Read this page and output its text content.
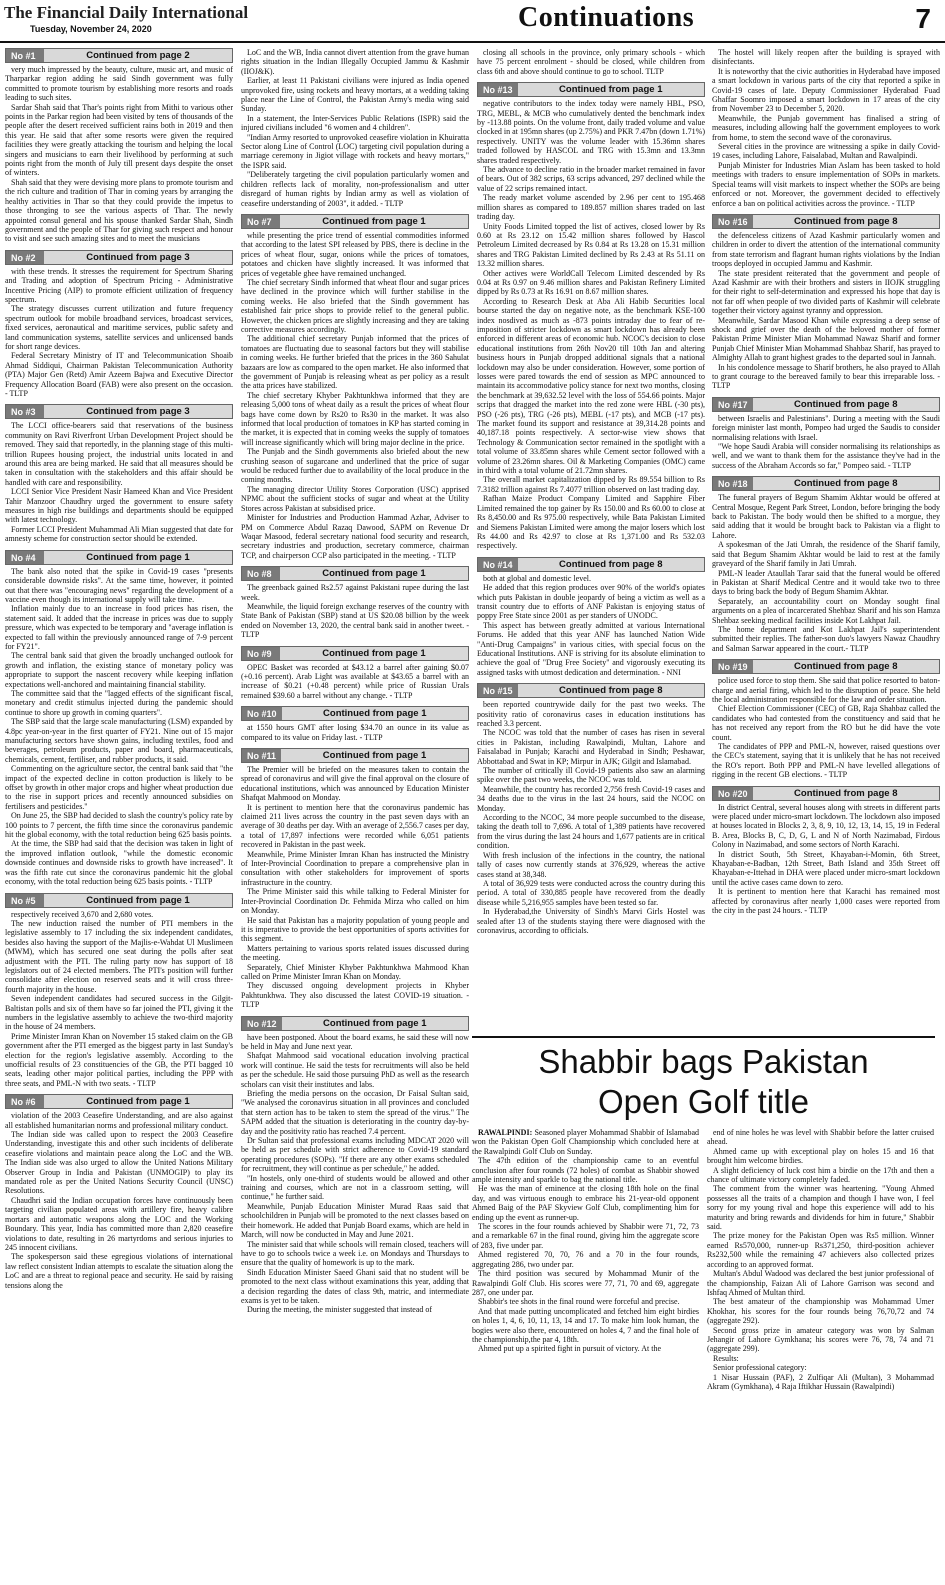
The Financial Daily International
Tuesday, November 24, 2020	Continuations	7
No #1	Continued from page 2

very much impressed by the beauty, culture, music art, and music of Tharparkar region adding he said Sindh government was fully committed to promote tourism by establishing more resorts and roads leading to such sites.

Sardar Shah said that Thar's points right from Mithi to various other points in the Parkar region had been visited by tens of thousands of the people after the desert received sufficient rains both in 2019 and then this year. He said that after some resorts were given the required facilities they were greatly attacking the tourism and helping the local singers and musicians to earn their livelihood by performing at such points right from the month of July till present days despite the onset of winters.

Shah said that they were devising more plans to promote tourism and the rich culture and tradition of Thar in coming years by arranging the healthy activities in Thar so that they could provide the impetus to those thronging to see the various aspects of Thar. The newly appointed consul general and his spouse thanked Sardar Shah, Sindh government and the people of Thar for giving such respect and honour to visit and see such amazing sites and to meet the musicians

No #2	Continued from page 3

with these trends. It stresses the requirement for Spectrum Sharing and Trading and adoption of Spectrum Pricing - Administrative Incentive Pricing (AIP) to promote efficient utilization of frequency spectrum.

The strategy discusses current utilization and future frequency spectrum outlook for mobile broadband services, broadcast services, fixed services, aeronautical and maritime services, public safety and land communication systems, satellite services and unlicensed bands for short range devices.

Federal Secretary Ministry of IT and Telecommunication Shoaib Ahmad Siddiqui, Chairman Pakistan Telecommunication Authority (PTA) Major Gen (Retd) Amir Azeem Bajwa and Executive Director Frequency Allocation Board (FAB) were also present on the occasion. - TLTP

No #3	Continued from page 3

The LCCI office-bearers said that reservations of the business community on Ravi Riverfront Urban Development Project should be removed. They said that reportedly, in the planning stage of this multi-trillion Rupees housing project, the industrial units located in and around this area are being marked. He said that all measures should be taken in consultation with the stakeholders and this affair should be handled with care and responsibility.

LCCI Senior Vice President Nasir Hameed Khan and Vice President Tahir Manzoor Chaudhry urged the government to ensure safety measures in high rise buildings and departments should be equipped with latest technology.

Former LCCI President Muhammad Ali Mian suggested that date for amnesty scheme for construction sector should be extended.

No #4	Continued from page 1

The bank also noted that the spike in Covid-19 cases "presents considerable downside risks". At the same time, however, it pointed out that there was "encouraging news" regarding the development of a vaccine even though its international supply will take time.

Inflation mainly due to an increase in food prices has risen, the statement said. It added that the increase in prices was due to supply pressure, which was expected to be temporary and "average inflation is expected to fall within the previously announced range of 7-9 percent for FY21".

The central bank said that given the broadly unchanged outlook for growth and inflation, the existing stance of monetary policy was appropriate to support the nascent recovery while keeping inflation expectations well-anchored and maintaining financial stability.

The committee said that the "lagged effects of the significant fiscal, monetary and credit stimulus injected during the pandemic should continue to shore up growth in coming quarters".

The SBP said that the large scale manufacturing (LSM) expanded by 4.8pc year-on-year in the first quarter of FY21. Nine out of 15 major manufacturing sectors have shown gains, including textiles, food and beverages, petroleum products, paper and board, pharmaceuticals, chemicals, cement, fertiliser, and rubber products, it said.

Commenting on the agriculture sector, the central bank said that "the impact of the expected decline in cotton production is likely to be offset by growth in other major crops and higher wheat production due to the rise in support prices and recently announced subsidies on fertilisers and pesticides."

On June 25, the SBP had decided to slash the country's policy rate by 100 points to 7 percent, the fifth time since the coronavirus pandemic hit the global economy, with the total reduction being 625 basis points.

At the time, the SBP had said that the decision was taken in light of the improved inflation outlook, "while the domestic economic downside continues and downside risks to growth have increased". It was the fifth rate cut since the coronavirus pandemic hit the global economy, with the total reduction being 625 basis points. - TLTP

No #5	Continued from page 1

respectively received 3,670 and 2,680 votes.

The new induction raised the number of PTI members in the legislative assembly to 17 including the six independent candidates, besides also having the support of the Majlis-e-Wahdat Ul Muslimeen (MWM), which has secured one seat during the polls after seat adjustment with the PTI. The ruling party now has support of 18 legislators out of 24 elected members. The PTI's position will further consolidate after election on reserved seats and it will cross three-fourth majority in the house.

Seven independent candidates had secured success in the Gilgit-Baltistan polls and six of them have so far joined the PTI, giving it the numbers in the legislative assembly to achieve the two-third majority in the house of 24 members.

Prime Minister Imran Khan on November 15 staked claim on the GB government after the PTI emerged as the biggest party in last Sunday's election for the region's legislative assembly. According to the unofficial results of 23 constituencies of the GB, the PTI bagged 10 seats, leading other major political parties, including the PPP with three seats, and PML-N with two seats. - TLTP

No #6	Continued from page 1

violation of the 2003 Ceasefire Understanding, and are also against all established humanitarian norms and professional military conduct.

The Indian side was called upon to respect the 2003 Ceasefire Understanding, investigate this and other such incidents of deliberate ceasefire violations and maintain peace along the LoC and the WB. The Indian side was also urged to allow the United Nations Military Observer Group in India and Pakistan (UNMOGIP) to play its mandated role as per the United Nations Security Council (UNSC) Resolutions.

Chaudhri said the Indian occupation forces have continuously been targeting civilian populated areas with artillery fire, heavy calibre mortars and automatic weapons along the LOC and the Working Boundary. This year, India has committed more than 2,820 ceasefire violations to date, resulting in 26 martyrdoms and serious injuries to 245 innocent civilians.

The spokesperson said these egregious violations of international law reflect consistent Indian attempts to escalate the situation along the LoC and are a threat to regional peace and security. He said by raising tensions along the

LoC and the WB, India cannot divert attention from the grave human rights situation in the Indian Illegally Occupied Jammu & Kashmir (IIOJ&K).

Earlier, at least 11 Pakistani civilians were injured as India opened unprovoked fire, using rockets and heavy mortars, at a wedding taking place near the Line of Control, the Pakistan Army's media wing said Sunday.

In a statement, the Inter-Services Public Relations (ISPR) said the injured civilians included "6 women and 4 children".

"Indian Army resorted to unprovoked ceasefire violation in Khuiratta Sector along Line of Control (LOC) targeting civil population during a marriage ceremony in Jigiot village with rockets and heavy mortars," the ISPR said.

"Deliberately targeting the civil population particularly women and children reflects lack of morality, non-professionalism and utter disregard of human rights by Indian army as well as violation of ceasefire understanding of 2003", it added. - TLTP

No #7	Continued from page 1

while presenting the price trend of essential commodities informed that according to the latest SPI released by PBS, there is decline in the prices of wheat flour, sugar, onions while the prices of tomatoes, potatoes and chicken have slightly increased. It was informed that prices of vegetable ghee have remained unchanged.

The chief secretary Sindh informed that wheat flour and sugar prices have declined in the province which will further stabilise in the coming weeks. He also briefed that the Sindh government has established fair price shops to provide relief to the general public. However, the chicken prices are slightly increasing and they are taking corrective measures accordingly.

The additional chief secretary Punjab informed that the prices of tomatoes are fluctuating due to seasonal factors but they will stabilise in coming weeks. He further briefed that the prices in the 360 Sahulat bazaars are low as compared to the open market. He also informed that the government of Punjab is releasing wheat as per policy as a result the atta prices have stabilized.

The chief secretary Khyber Pakhtunkhwa informed that they are releasing 5,000 tons of wheat daily as a result the prices of wheat flour bags have come down by Rs20 to Rs30 in the market. It was also informed that local production of tomatoes in KP has started coming in the market, it is expected that in coming weeks the supply of tomatoes will increase significantly which will bring major decline in the price.

The Punjab and the Sindh governments also briefed about the new crushing season of sugarcane and underlined that the price of sugar would be reduced further due to availability of the local produce in the coming months.

The managing director Utility Stores Corporation (USC) apprised NPMC about the sufficient stocks of sugar and wheat at the Utility Stores across Pakistan at subsidised price.

Minister for Industries and Production Hammad Azhar, Adviser to PM on Commerce Abdul Razaq Dawood, SAPM on Revenue Dr Waqar Masood, federal secretary national food security and research, secretary industries and production, secretary commerce, chairman TCP, and chairperson CCP also participated in the meeting. - TLTP

No #8	Continued from page 1

The greenback gained Rs2.57 against Pakistani rupee during the last week.

Meanwhile, the liquid foreign exchange reserves of the country with State Bank of Pakistan (SBP) stand at US $20.08 billion by the week ended on November 13, 2020, the central bank said in another tweet. - TLTP

No #9	Continued from page 1

OPEC Basket was recorded at $43.12 a barrel after gaining $0.07 (+0.16 percent). Arab Light was available at $43.65 a barrel with an increase of $0.21 (+0.48 percent) while price of Russian Urals remained $39.60 a barrel without any change. - TLTP

No #10	Continued from page 1

at 1550 hours GMT after losing $34.70 an ounce in its value as compared to its value on Friday last. - TLTP

No #11	Continued from page 1

The Premier will be briefed on the measures taken to contain the spread of coronavirus and will give the final approval on the closure of educational institutions, which was announced by Education Minister Shafqat Mahmood on Monday.

It is pertinent to mention here that the coronavirus pandemic has claimed 211 lives across the country in the past seven days with an average of 30 deaths per day. With an average of 2,556.7 cases per day, a total of 17,897 infections were recorded while 6,051 patients recovered in Pakistan in the past week.

Meanwhile, Prime Minister Imran Khan has instructed the Ministry of Inter-Provincial Coordination to prepare a comprehensive plan in consultation with other stakeholders for improvement of sports infrastructure in the country.

The Prime Minister said this while talking to Federal Minister for Inter-Provincial Coordination Dr. Fehmida Mirza who called on him on Monday.

He said that Pakistan has a majority population of young people and it is imperative to provide the best opportunities of sports activities for this segment.

Matters pertaining to various sports related issues discussed during the meeting.

Separately, Chief Minister Khyber Pakhtunkhwa Mahmood Khan called on Prime Minister Imran Khan on Monday.

They discussed ongoing development projects in Khyber Pakhtunkhwa. They also discussed the latest COVID-19 situation. - TLTP

No #12	Continued from page 1

have been postponed. About the board exams, he said these will now be held in May and June next year.

Shafqat Mahmood said vocational education involving practical work will continue. He said the tests for recruitments will also be held as per the schedule. He said those pursuing PhD as well as the research scholars can visit their institutes and labs.

Briefing the media persons on the occasion, Dr Faisal Sultan said, "We analysed the coronavirus situation in all provinces and concluded that stern action has to be taken to stem the spread of the virus." The SAPM added that the situation is deteriorating in the country day-by-day and the positivity ratio has reached 7.4 percent.

Dr Sultan said that professional exams including MDCAT 2020 will be held as per schedule with strict adherence to Covid-19 standard operating procedures (SOPs). "If there are any other exams scheduled for recruitment, they will continue as per schedule," he added.

"In hostels, only one-third of students would be allowed and other training and courses, which are not in a classroom setting, will continue," he further said.

Meanwhile, Punjab Education Minister Murad Raas said that schoolchildren in Punjab will be promoted to the next classes based on their homework. He added that Punjab Board exams, which are held in March, will now be conducted in May and June 2021.

The minister said that while schools will remain closed, teachers will have to go to schools twice a week i.e. on Mondays and Thursdays to ensure that the quality of homework is up to the mark.

Sindh Education Minister Saeed Ghani said that no student will be promoted to the next class without examinations this year, adding that a decision regarding the dates of class 9th, matric, and intermediate exams is yet to be taken.

During the meeting, the minister suggested that instead of

closing all schools in the province, only primary schools - which have 75 percent enrolment - should be closed, while children from class 6th and above should continue to go to school. TLTP

No #13	Continued from page 1

negative contributors to the index today were namely HBL, PSO, TRG, MEBL, & MCB who cumulatively dented the benchmark index by -113.88 points. On the volume front, daily traded volume and value clocked in at 195mn shares (up 2.75%) and PKR 7.47bn (down 1.71%) respectively. UNITY was the volume leader with 15.36mn shares traded followed by HASCOL and TRG with 15.3mn and 13.3mn shares traded respectively.

The advance to decline ratio in the broader market remained in favor of bears. Out of 382 scrips, 63 scrips advanced, 297 declined while the value of 22 scrips remained intact.

The ready market volume ascended by 2.96 per cent to 195.468 million shares as compared to 189.857 million shares traded on last trading day.

Unity Foods Limited topped the list of actives, closed lower by Rs 0.60 at Rs 23.12 on 15.42 million shares followed by Hascol Petroleum Limited decreased by Rs 0.84 at Rs 13.28 on 15.31 million shares and TRG Pakistan Limited declined by Rs 2.43 at Rs 51.11 on 13.32 million shares.

Other actives were WorldCall Telecom Limited descended by Rs 0.04 at Rs 0.97 on 9.46 million shares and Pakistan Refinery Limited dipped by Rs 0.73 at Rs 16.91 on 8.67 million shares.

According to Research Desk at Aba Ali Habib Securities local bourse started the day on negative note, as the benchmark KSE-100 index nosdived as much as -873 points intraday due to fear of re-imposition of stricter lockdown as smart lockdown has already been enforced in different areas of economic hub. NCOC's decision to close educational institutions from 26th Nov20 till 10th Jan and altering business hours in Punjab dropped additional signals that a national lockdown may also be under consideration. However, some portion of losses were pared towards the end of session as MPC announced to maintain its accommodative policy stance for next two months, closing the benchmark at 39,632.52 level with the loss of 554.66 points. Major scrips that dragged the market into the red zone were HBL (-30 pts), PSO (-26 pts), TRG (-26 pts), MEBL (-17 pts), and MCB (-17 pts). The market found its support and resistance at 39,314.28 points and 40,187.18 points respectively. A sector-wise view shows that Technology & Communication sector remained in the spotlight with a total volume of 33.85mn shares while Cement sector followed with a volume of 23.26mn shares. Oil & Marketing Companies (OMC) came in third with a total volume of 21.72mn shares.

The overall market capitalization dipped by Rs 89.554 billion to Rs 7.3182 trillion against Rs 7.4077 trillion observed on last trading day.

Rafhan Maize Product Company Limited and Sapphire Fiber Limited remained the top gainer by Rs 150.00 and Rs 60.00 to close at Rs 8,450.00 and Rs 975.00 respectively, while Bata Pakistan Limited and Siemens Pakistan Limited were among the major losers which lost Rs 44.00 and Rs 42.97 to close at Rs 1,371.00 and Rs 532.03 respectively.

No #14	Continued from page 8

both at global and domestic level.

He added that this region produces over 90% of the world's opiates which puts Pakistan in double jeopardy of being a victim as well as a transit country due to efforts of ANF Pakistan is enjoying status of poppy Free State since 2001 as per standers of UNODC.

This aspect has between greatly admitted at various International Forums. He added that this year ANF has launched Nation Wide "Anti-Drug Campaigns" in various cities, with special focus on the Educational Institutions. ANF is striving for its absolute elimination to achieve the goal of "Drug Free Society" and vigorously executing its assigned tasks with utmost dedication and determination. - NNI

No #15	Continued from page 8

been reported countrywide daily for the past two weeks. The positivity ratio of coronavirus cases in education institutions has reached 3.3 percent.

The NCOC was told that the number of cases has risen in several cities in Pakistan, including Rawalpindi, Multan, Lahore and Faisalabad in Punjab; Karachi and Hyderabad in Sindh; Peshawar, Abbottabad and Swat in KP; Mirpur in AJK; Gilgit and Islamabad.

The number of critically ill Covid-19 patients also saw an alarming spike over the past two weeks, the NCOC was told.

Meanwhile, the country has recorded 2,756 fresh Covid-19 cases and 34 deaths due to the virus in the last 24 hours, said the NCOC on Monday.

According to the NCOC, 34 more people succumbed to the disease, taking the death toll to 7,696. A total of 1,389 patients have recovered from the virus during the last 24 hours and 1,677 patients are in critical condition.

With fresh inclusion of the infections in the country, the national tally of cases now currently stands at 376,929, whereas the active cases stand at 38,348.

A total of 36,929 tests were conducted across the country during this period. A total of 330,885 people have recovered from the deadly disease while 5,216,955 samples have been tested so far.

In Hyderabad,the University of Sindh's Marvi Girls Hostel was sealed after 13 of the students staying there were diagnosed with the coronavirus, according to officials.

The hostel will likely reopen after the building is sprayed with disinfectants.

It is noteworthy that the civic authorities in Hyderabad have imposed a smart lockdown in various parts of the city that reported a spike in Covid-19 cases of late. Deputy Commissioner Hyderabad Fuad Ghaffar Soomro imposed a smart lockdown in 17 areas of the city from November 23 to December 5, 2020.

Meanwhile, the Punjab government has finalised a string of measures, including allowing half the government employees to work from home, to stem the second wave of the coronavirus.

Several cities in the province are witnessing a spike in daily Covid-19 cases, including Lahore, Faisalabad, Multan and Rawalpindi.

Punjab Minister for Industries Mian Aslam has been tasked to hold meetings with traders to ensure implementation of SOPs in markets. Special teams will visit markets to inspect whether the SOPs are being enforced or not. Moreover, the government decided to effectively enforce a ban on political activities across the province. - TLTP

No #16	Continued from page 8

the defenceless citizens of Azad Kashmir particularly women and children in order to divert the attention of the international community from state terrorism and flagrant human rights violations by the Indian troops deployed in occupied Jammu and Kashmir.

The state president reiterated that the government and people of Azad Kashmir are with their brothers and sisters in IIOJK struggling for their right to self-determination and expressed his hope that day is not far off when people of two divided parts of Kashmir will celebrate together their victory against tyranny and oppression.

Meanwhile, Sardar Masood Khan while expressing a deep sense of shock and grief over the death of the beloved mother of former Pakistan Prime Minister Mian Mohammad Nawaz Sharif and former Punjab Chief Minister Mian Mohammad Shahbaz Sharif, has prayed to Almighty Allah to grant highest grades to the departed soul in Jannah.

In his condolence message to Sharif brothers, he also prayed to Allah to grant courage to the bereaved family to bear this irreparable loss. - TLTP

No #17	Continued from page 8

between Israelis and Palestinians". During a meeting with the Saudi foreign minister last month, Pompeo had urged the Saudis to consider normalising relations with Israel.

"We hope Saudi Arabia will consider normalising its relationships as well, and we want to thank them for the assistance they've had in the success of the Abraham Accords so far," Pompeo said. - TLTP

No #18	Continued from page 8

The funeral prayers of Begum Shamim Akhtar would be offered at Central Mosque, Regent Park Street, London, before bringing the body back to Pakistan. The body would then be shifted to a morgue, they said adding that it would be brought back to Pakistan via a flight to Lahore.

A spokesman of the Jati Umrah, the residence of the Sharif family, said that Begum Shamim Akhtar would be laid to rest at the family graveyard of the Sharif family in Jati Umrah.

PML-N leader Ataullah Tarar said that the funeral would be offered in Pakistan at Sharif Medical Centre and it would take two to three days to bring back the body of Begum Shamim Akhtar.

Separately, an accountability court on Monday sought final arguments on a plea of incarcerated Shehbaz Sharif and his son Hamza Shehbaz seeking medical facilities inside Kot Lakhpat Jail.

The home department and Kot Lakhpat Jail's superintendent submitted their replies. The father-son duo's lawyers Nawaz Chaudhry and Salman Sarwar appeared in the court.- TLTP

No #19	Continued from page 8

police used force to stop them. She said that police resorted to baton-charge and aerial firing, which led to the disruption of peace. She held the local administration responsible for the law and order situation.

Chief Election Commissioner (CEC) of GB, Raja Shahbaz called the candidates who had contested from the constituency and said that he has not received any report from the RO but he did have the vote count.

The candidates of PPP and PML-N, however, raised questions over the CEC's statement, saying that it is unlikely that he has not received the RO's report. Both PPP and PML-N have levelled allegations of rigging in the recent GB elections. - TLTP

No #20	Continued from page 8

In district Central, several houses along with streets in different parts were placed under micro-smart lockdown. The lockdown also imposed at houses located in Blocks 2, 3, 8, 9, 10, 12, 13, 14, 15, 19 in Federal B. Area, Blocks B, C, D, G, L and N of North Nazimabad, Firdous Colony in Nazimabad, and some sectors of North Karachi.

In district South, 5th Street, Khayaban-i-Momin, 6th Street, Khayaban-e-Badban, 12th Street, Bath Island and 35th Street off Khayaban-e-Ittehad in DHA were placed under micro-smart lockdown until the active cases came down to zero.

It is pertinent to mention here that Karachi has remained most affected by coronavirus after nearly 1,000 cases were reported from the city in the past 24 hours. - TLTP

Shabbir bags Pakistan
Open Golf title

RAWALPINDI: Seasoned player Mohammad Shabbir of Islamabad won the Pakistan Open Golf Championship which concluded here at the Rawalpindi Golf Club on Sunday.

The 47th edition of the championship came to an eventful conclusion after four rounds (72 holes) of combat as Shabbir showed ample intensity and sparkle to bag the national title.

He was the man of eminence at the closing 18th hole on the final day, and was virtuous enough to embrace his 21-year-old opponent Ahmed Baig of the PAF Skyview Golf Club, complimenting him for ending up the event as runner-up.

The scores in the four rounds achieved by Shabbir were 71, 72, 73 and a remarkable 67 in the final round, giving him the aggregate score of 283, five under par.

Ahmed registered 70, 70, 76 and a 70 in the four rounds, aggregating 286, two under par.

The third position was secured by Mohammad Munir of the Rawalpindi Golf Club. His scores were 77, 71, 70 and 69, aggregate 287, one under par.

Shabbir's tee shots in the final round were forceful and precise.

And that made putting uncomplicated and fetched him eight birdies on holes 1, 4, 6, 10, 11, 13, 14 and 17. To make him look human, the bogies were also there, encountered on holes 4, 7 and the final hole of the championship,the par 4, 18th.

Ahmed put up a spirited fight in pursuit of victory. At the

end of nine holes he was level with Shabbir before the latter cruised ahead.

Ahmed came up with exceptional play on holes 15 and 16 that brought him welcome birdies.

A slight deficiency of luck cost him a birdie on the 17th and then a chance of ultimate victory completely faded.

The comment from the winner was heartening. "Young Ahmed possesses all the traits of a champion and though I have won, I feel sorry for my young rival and hope this experience will add to his maturity and bring rewards and dividends for him in future," Shabbir said.

The prize money for the Pakistan Open was Rs5 million. Winner earned Rs570,000, runner-up Rs371,250, third-position achiever Rs232,500 while the remaining 47 achievers also collected prizes according to an approved format.

Multan's Abdul Wadood was declared the best junior professional of the championship, Faizan Ali of Lahore Garrison was second and Ishfaq Ahmed of Multan third.

The best amateur of the championship was Mohammad Umer Khokhar, his scores for the four rounds being 76,70,72 and 74 (aggregate 292).

Second gross prize in amateur category was won by Salman Jehangir of Lahore Gymkhana; his scores were 76, 78, 74 and 71 (aggregate 299).

Results:

Senior professional category:

1 Nisar Hussain (PAF), 2 Zulfiqar Ali (Multan), 3 Mohammad Akram (Gymkhana), 4 Raja Iftikhar Hussain (Rawalpindi)
